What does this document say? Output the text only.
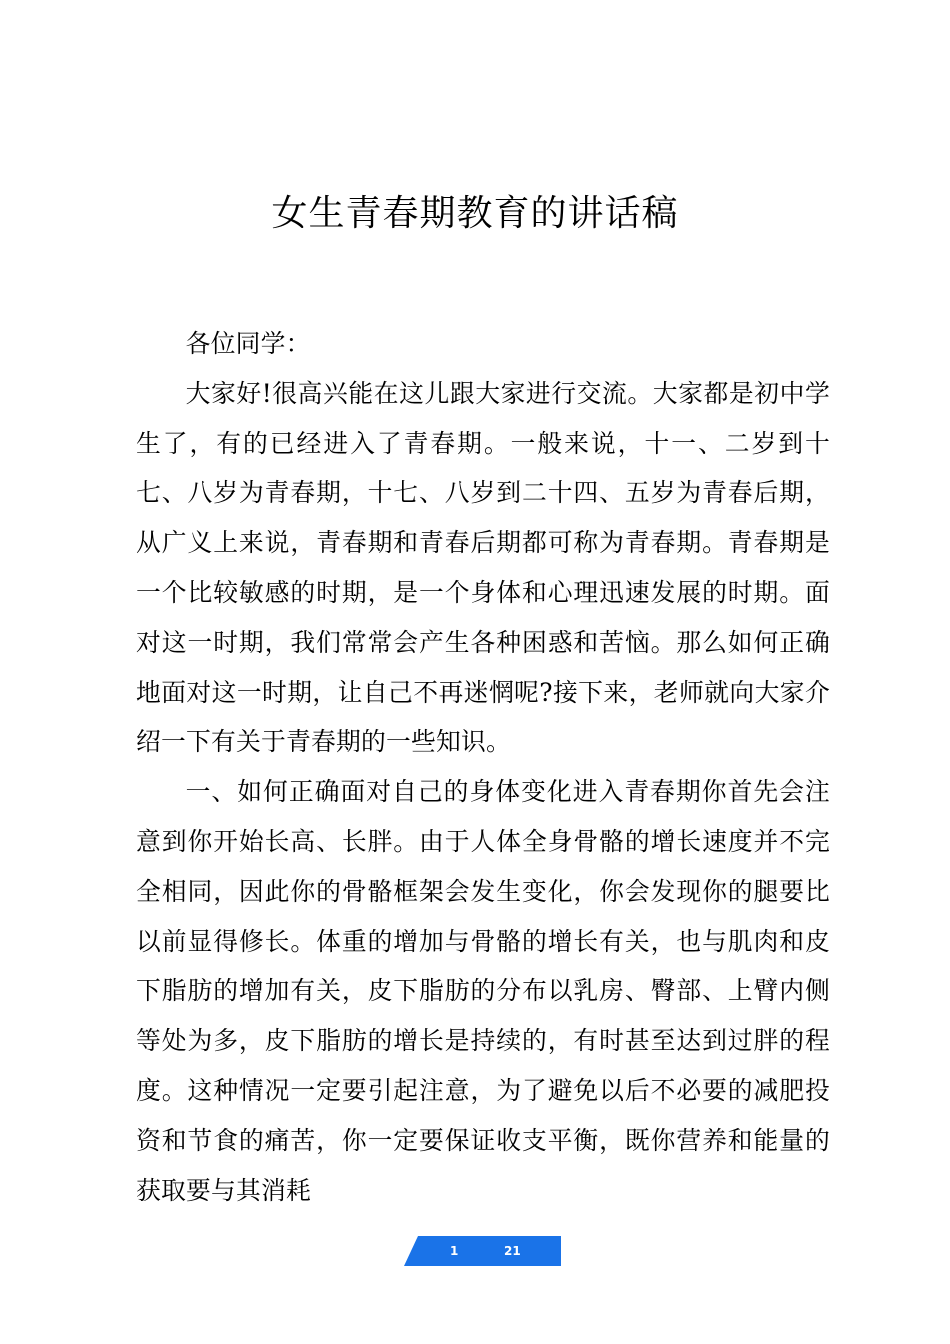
女生青春期教育的讲话稿

各位同学：

大家好!很高兴能在这儿跟大家进行交流。大家都是初中学生了，有的已经进入了青春期。一般来说，十一、二岁到十七、八岁为青春期，十七、八岁到二十四、五岁为青春后期，从广义上来说，青春期和青春后期都可称为青春期。青春期是一个比较敏感的时期，是一个身体和心理迅速发展的时期。面对这一时期，我们常常会产生各种困惑和苦恼。那么如何正确地面对这一时期，让自己不再迷惘呢?接下来，老师就向大家介绍一下有关于青春期的一些知识。

一、如何正确面对自己的身体变化进入青春期你首先会注意到你开始长高、长胖。由于人体全身骨骼的增长速度并不完全相同，因此你的骨骼框架会发生变化，你会发现你的腿要比以前显得修长。体重的增加与骨骼的增长有关，也与肌肉和皮下脂肪的增加有关，皮下脂肪的分布以乳房、臀部、上臂内侧等处为多，皮下脂肪的增长是持续的，有时甚至达到过胖的程度。这种情况一定要引起注意，为了避免以后不必要的减肥投资和节食的痛苦，你一定要保证收支平衡，既你营养和能量的获取要与其消耗

1	21
